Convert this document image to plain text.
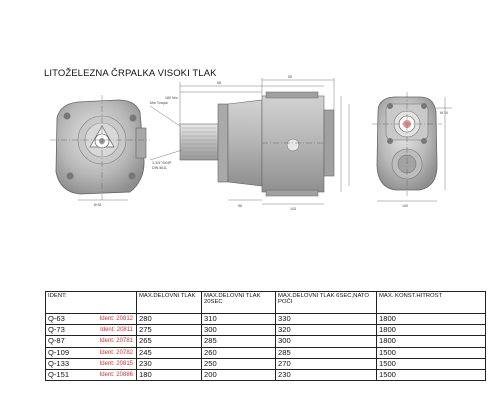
LITOŽELEZNA ČRPALKA VISOKI TLAK
Ø 82
98
55
180 Nm
Mm Torque
1-3/4" 6X4P
DIN 5611
56
143
100
M 10
IDENT:	MAX.DELOVNI TLAK	MAX.DELOVNI TLAK 20SEC	MAX.DELOVNI TLAK 6SEC,NATO POČI	MAX. KONST.HITROST

Q-63 Ident: 20812	280	310	330	1800

Q-73 Ident: 20811	275	300	320	1800

Q-87 Ident: 20781	265	285	300	1800

Q-109 Ident: 20782	245	260	285	1500

Q-133 Ident: 20815	230	250	270	1500

Q-151 Ident: 20886	180	200	230	1500
